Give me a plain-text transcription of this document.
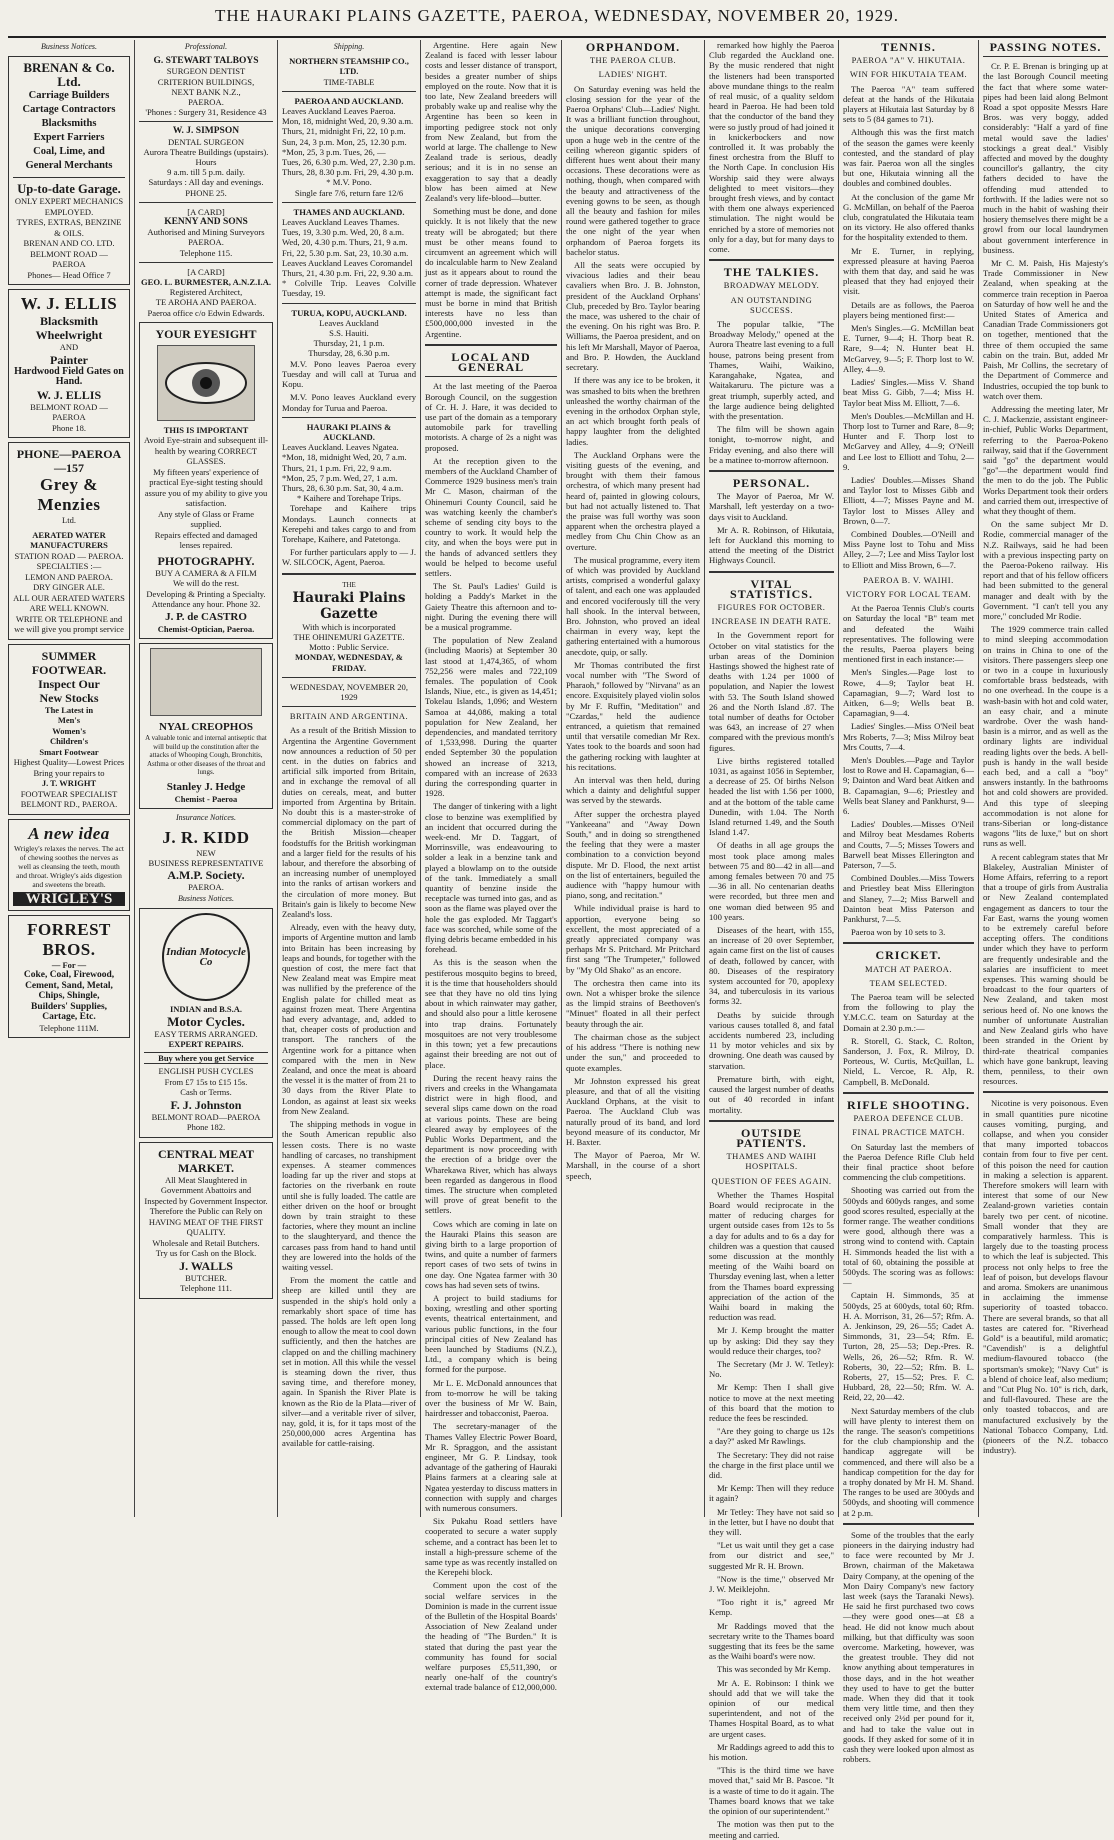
THE HAURAKI PLAINS GAZETTE, PAEROA, WEDNESDAY, NOVEMBER 20, 1929.
Business Notices.
BRENAN & Co. Ltd.
Carriage Builders
Cartage Contractors
Blacksmiths
Expert Farriers
Coal, Lime, and
General Merchants
Up-to-date Garage.
ONLY EXPERT MECHANICS EMPLOYED.
TYRES, EXTRAS, BENZINE & OILS.
BRENAN AND CO. LTD.
BELMONT ROAD — PAEROA
Phones— Head Office 7
W. J. ELLIS
Blacksmith
Wheelwright
AND
Painter
Hardwood Field Gates on Hand.
W. J. ELLIS
BELMONT ROAD — PAEROA
Phone 18.
PHONE—PAEROA —157
Grey & Menzies
Ltd.
AERATED WATER
MANUFACTURERS
STATION ROAD — PAEROA.
SPECIALTIES :—
LEMON AND PAEROA.
DRY GINGER ALE.
ALL OUR AERATED WATERS ARE WELL KNOWN.
WRITE OR TELEPHONE and we will give you prompt service
SUMMER FOOTWEAR.
Inspect Our
New Stocks
The Latest in
Men's
Women's
Children's
Smart Footwear
Highest Quality—Lowest Prices
Bring your repairs to
J. T. WRIGHT
FOOTWEAR SPECIALIST
BELMONT RD., PAEROA.
A new idea
Wrigley's relaxes the nerves. The act of chewing soothes the nerves as well as cleansing the teeth, mouth and throat. Wrigley's aids digestion and sweetens the breath.
WRIGLEY'S
FORREST BROS.
— For —
Coke, Coal, Firewood,
Cement, Sand, Metal,
Chips, Shingle,
Builders' Supplies,
Cartage, Etc.
Telephone 111M.
Professional.
G. STEWART TALBOYS
SURGEON DENTIST
CRITERION BUILDINGS,
NEXT BANK N.Z.,
PAEROA.
'Phones : Surgery 31, Residence 43
W. J. SIMPSON
DENTAL SURGEON
Aurora Theatre Buildings (upstairs).
Hours
9 a.m. till 5 p.m. daily.
Saturdays : All day and evenings.
PHONE 25.
[A CARD]
KENNY AND SONS
Authorised and Mining Surveyors
PAEROA.
Telephone 115.
[A CARD]
GEO. L. BURMESTER, A.N.Z.I.A.
Registered Architect,
TE AROHA AND PAEROA.
Paeroa office c/o Edwin Edwards.
YOUR EYESIGHT
THIS IS IMPORTANT
Avoid Eye-strain and subsequent ill-health by wearing CORRECT GLASSES.
My fifteen years' experience of practical Eye-sight testing should assure you of my ability to give you satisfaction.
Any style of Glass or Frame supplied.
Repairs effected and damaged lenses repaired.
PHOTOGRAPHY.
BUY A CAMERA & A FILM
We will do the rest.
Developing & Printing a Specialty.
Attendance any hour. Phone 32.
J. P. de CASTRO
Chemist-Optician, Paeroa.
NYAL CREOPHOS
A valuable tonic and internal antiseptic that will build up the constitution after the attacks of Whooping Cough, Bronchitis, Asthma or other diseases of the throat and lungs.
Stanley J. Hedge
Chemist - Paeroa
Insurance Notices.
J. R. KIDD
NEW
BUSINESS REPRESENTATIVE
A.M.P. Society.
PAEROA.
Business Notices.
Indian Motocycle Co
INDIAN and B.S.A.
Motor Cycles.
EASY TERMS ARRANGED.
EXPERT REPAIRS.
Buy where you get Service
ENGLISH PUSH CYCLES
From £7 15s to £15 15s.
Cash or Terms.
F. J. Johnston
BELMONT ROAD—PAEROA
Phone 182.
CENTRAL MEAT MARKET.
All Meat Slaughtered in Government Abattoirs and Inspected by Government Inspector.
Therefore the Public can Rely on HAVING MEAT OF THE FIRST QUALITY.
Wholesale and Retail Butchers.
Try us for Cash on the Block.
J. WALLS
BUTCHER.
Telephone 111.
Shipping.
NORTHERN STEAMSHIP CO., LTD.
TIME-TABLE
PAEROA AND AUCKLAND.
Leaves Auckland Leaves Paeroa.
Mon, 18, midnight Wed, 20, 9.30 a.m.
Thurs, 21, midnight Fri, 22, 10 p.m.
Sun, 24, 3 p.m. Mon, 25, 12.30 p.m.
*Mon, 25, 3 p.m. Tues, 26, —
Tues, 26, 6.30 p.m. Wed, 27, 2.30 p.m.
Thurs, 28, 8.30 p.m. Fri, 29, 4.30 p.m.
* M.V. Pono.
Single fare 7/6, return fare 12/6
THAMES AND AUCKLAND.
Leaves Auckland Leaves Thames.
Tues, 19, 3.30 p.m. Wed, 20, 8 a.m.
Wed, 20, 4.30 p.m. Thurs, 21, 9 a.m.
Fri, 22, 5.30 p.m. Sat, 23, 10.30 a.m.
Leaves Auckland Leaves Coromandel
Thurs, 21, 4.30 p.m. Fri, 22, 9.30 a.m.
* Colville Trip. Leaves Colville Tuesday, 19.
TURUA, KOPU, AUCKLAND.
Leaves Auckland
S.S. Hauiti.
Thursday, 21, 1 p.m.
Thursday, 28, 6.30 p.m.

M.V. Pono leaves Paeroa every Tuesday and will call at Turua and Kopu.

M.V. Pono leaves Auckland every Monday for Turua and Paeroa.

HAURAKI PLAINS & AUCKLAND.
Leaves Auckland. Leaves Ngatea.
*Mon, 18, midnight Wed, 20, 7 a.m.
Thurs, 21, 1 p.m. Fri, 22, 9 a.m.
*Mon, 25, 7 p.m. Wed, 27, 1 a.m.
Thurs, 28, 6.30 p.m. Sat, 30, 4 a.m.
* Kaihere and Torehape Trips.

Torehape and Kaihere trips Mondays. Launch connects at Kerepehi and takes cargo to and from Torehape, Kaihere, and Patetonga.

For further particulars apply to — J. W. SILCOCK, Agent, Paeroa.

THE
Hauraki Plains Gazette
With which is incorporated
THE OHINEMURI GAZETTE.
Motto : Public Service.
MONDAY, WEDNESDAY, & FRIDAY.
WEDNESDAY, NOVEMBER 20, 1929
BRITAIN AND ARGENTINA.

As a result of the British Mission to Argentina the Argentine Government now announces a reduction of 50 per cent. in the duties on fabrics and artificial silk imported from Britain, and in exchange the removal of all duties on cereals, meat, and butter imported from Argentina by Britain. No doubt this is a master-stroke of commercial diplomacy on the part of the British Mission—cheaper foodstuffs for the British workingman and a larger field for the results of his labour, and therefore the absorbing of an increasing number of unemployed into the ranks of artisan workers and the circulation of more money. But Britain's gain is likely to become New Zealand's loss.

Already, even with the heavy duty, imports of Argentine mutton and lamb into Britain has been increasing by leaps and bounds, for together with the question of cost, the mere fact that New Zealand meat was Empire meat was nullified by the preference of the English palate for chilled meat as against frozen meat. There Argentina had every advantage, and, added to that, cheaper costs of production and transport. The ranchers of the Argentine work for a pittance when compared with the men in New Zealand, and once the meat is aboard the vessel it is the matter of from 21 to 30 days from the River Plate to London, as against at least six weeks from New Zealand.

The shipping methods in vogue in the South American republic also lessen costs. There is no waste handling of carcases, no transhipment expenses. A steamer commences loading far up the river and stops at factories on the riverbank en route until she is fully loaded. The cattle are either driven on the hoof or brought down by train straight to these factories, where they mount an incline to the slaughteryard, and thence the carcases pass from hand to hand until they are lowered into the holds of the waiting vessel.

From the moment the cattle and sheep are killed until they are suspended in the ship's hold only a remarkably short space of time has passed. The holds are left open long enough to allow the meat to cool down sufficiently, and then the hatches are clapped on and the chilling machinery set in motion. All this while the vessel is steaming down the river, thus saving time, and therefore money, again. In Spanish the River Plate is known as the Rio de la Plata—river of silver—and a veritable river of silver, nay, gold, it is, for it taps most of the 250,000,000 acres Argentina has available for cattle-raising.

Argentine. Here again New Zealand is faced with lesser labour costs and lesser distance of transport, besides a greater number of ships employed on the route. Now that it is too late, New Zealand breeders will probably wake up and realise why the Argentine has been so keen in importing pedigree stock not only from New Zealand, but from the world at large. The challenge to New Zealand trade is serious, deadly serious; and it is in no sense an exaggeration to say that a deadly blow has been aimed at New Zealand's very life-blood—butter.

Something must be done, and done quickly. It is not likely that the new treaty will be abrogated; but there must be other means found to circumvent an agreement which will do incalculable harm to New Zealand just as it appears about to round the corner of trade depression. Whatever attempt is made, the significant fact must be borne in mind that British interests have no less than £500,000,000 invested in the Argentine.

LOCAL AND GENERAL

At the last meeting of the Paeroa Borough Council, on the suggestion of Cr. H. J. Hare, it was decided to use part of the domain as a temporary automobile park for travelling motorists. A charge of 2s a night was proposed.

At the reception given to the members of the Auckland Chamber of Commerce 1929 business men's train Mr C. Mason, chairman of the Ohinemuri County Council, said he was watching keenly the chamber's scheme of sending city boys to the country to work. It would help the city, and when the boys were put in the hands of advanced settlers they would be helped to become useful settlers.

The St. Paul's Ladies' Guild is holding a Paddy's Market in the Gaiety Theatre this afternoon and to-night. During the evening there will be a musical programme.

The population of New Zealand (including Maoris) at September 30 last stood at 1,474,365, of whom 752,256 were males and 722,109 females. The population of Cook Islands, Niue, etc., is given as 14,451; Tokelau Islands, 1,096; and Western Samoa at 44,086, making a total population for New Zealand, her dependencies, and mandated territory of 1,533,998. During the quarter ended September 30 the population showed an increase of 3213, compared with an increase of 2633 during the corresponding quarter in 1928.

The danger of tinkering with a light close to benzine was exemplified by an incident that occurred during the week-end. Mr D. Taggart, of Morrinsville, was endeavouring to solder a leak in a benzine tank and played a blowlamp on to the outside of the tank. Immediately a small quantity of benzine inside the receptacle was turned into gas, and as soon as the flame was played over the hole the gas exploded. Mr Taggart's face was scorched, while some of the flying debris became embedded in his forehead.

As this is the season when the pestiferous mosquito begins to breed, it is the time that householders should see that they have no old tins lying about in which rainwater may gather, and should also pour a little kerosene into trap drains. Fortunately mosquitoes are not very troublesome in this town; yet a few precautions against their breeding are not out of place.

During the recent heavy rains the rivers and creeks in the Whangamata district were in high flood, and several slips came down on the road at various points. These are being cleared away by employees of the Public Works Department, and the department is now proceeding with the erection of a bridge over the Wharekawa River, which has always been regarded as dangerous in flood times. The structure when completed will prove of great benefit to the settlers.

Cows which are coming in late on the Hauraki Plains this season are giving birth to a large proportion of twins, and quite a number of farmers report cases of two sets of twins in one day. One Ngatea farmer with 30 cows has had seven sets of twins.

A project to build stadiums for boxing, wrestling and other sporting events, theatrical entertainment, and various public functions, in the four principal cities of New Zealand has been launched by Stadiums (N.Z.), Ltd., a company which is being formed for the purpose.

Mr L. E. McDonald announces that from to-morrow he will be taking over the business of Mr W. Bain, hairdresser and tobacconist, Paeroa.

The secretary-manager of the Thames Valley Electric Power Board, Mr R. Spraggon, and the assistant engineer, Mr G. P. Lindsay, took advantage of the gathering of Hauraki Plains farmers at a clearing sale at Ngatea yesterday to discuss matters in connection with supply and charges with numerous consumers.

Six Pukahu Road settlers have cooperated to secure a water supply scheme, and a contract has been let to install a high-pressure scheme of the same type as was recently installed on the Kerepehi block.

Comment upon the cost of the social welfare services in the Dominion is made in the current issue of the Bulletin of the Hospital Boards' Association of New Zealand under the heading of "The Burden." It is stated that during the past year the community has found for social welfare purposes £5,511,390, or nearly one-half of the country's external trade balance of £12,000,000.

ORPHANDOM.
THE PAEROA CLUB.
LADIES' NIGHT.

On Saturday evening was held the closing session for the year of the Paeroa Orphans' Club—Ladies' Night. It was a brilliant function throughout, the unique decorations converging upon a huge web in the centre of the ceiling whereon gigantic spiders of different hues went about their many occasions. These decorations were as nothing, though, when compared with the beauty and attractiveness of the evening gowns to be seen, as though all the beauty and fashion for miles round were gathered together to grace the one night of the year when orphandom of Paeroa forgets its bachelor status.

All the seats were occupied by vivacious ladies and their beau cavaliers when Bro. J. B. Johnston, president of the Auckland Orphans' Club, preceded by Bro. Taylor bearing the mace, was ushered to the chair of the evening. On his right was Bro. P. Williams, the Paeroa president, and on his left Mr Marshall, Mayor of Paeroa, and Bro. P. Howden, the Auckland secretary.

If there was any ice to be broken, it was smashed to bits when the brethren unleashed the worthy chairman of the evening in the orthodox Orphan style, an act which brought forth peals of happy laughter from the delighted ladies.

The Auckland Orphans were the visiting guests of the evening, and brought with them their famous orchestra, of which many present had heard of, painted in glowing colours, but had not actually listened to. That the praise was full worthy was soon apparent when the orchestra played a medley from Chu Chin Chow as an overture.

The musical programme, every item of which was provided by Auckland artists, comprised a wonderful galaxy of talent, and each one was applauded and encored vociferously till the very hall shook. In the interval between, Bro. Johnston, who proved an ideal chairman in every way, kept the gathering entertained with a humorous anecdote, quip, or sally.

Mr Thomas contributed the first vocal number with "The Sword of Pharaoh," followed by "Nirvana" as an encore. Exquisitely played violin solos by Mr F. Ruffin, "Meditation" and "Czardas," held the audience entranced, a quietism that remained until that versatile comedian Mr Rex. Yates took to the boards and soon had the gathering rocking with laughter at his recitations.

An interval was then held, during which a dainty and delightful supper was served by the stewards.

After supper the orchestra played "Yankeeana" and "Away Down South," and in doing so strengthened the feeling that they were a master combination to a conviction beyond dispute. Mr D. Flood, the next artist on the list of entertainers, beguiled the audience with "happy humour with piano, song, and recitation."

While individual praise is hard to apportion, everyone being so excellent, the most appreciated of a greatly appreciated company was perhaps Mr S. Pritchard. Mr Pritchard first sang "The Trumpeter," followed by "My Old Shako" as an encore.

The orchestra then came into its own. Not a whisper broke the silence as the limpid strains of Beethoven's "Minuet" floated in all their perfect beauty through the air.

The chairman chose as the subject of his address "There is nothing new under the sun," and proceeded to quote examples.

Mr Johnston expressed his great pleasure, and that of all the visiting Auckland Orphans, at the visit to Paeroa. The Auckland Club was naturally proud of its band, and lord beyond measure of its conductor, Mr H. Baxter.

The Mayor of Paeroa, Mr W. Marshall, in the course of a short speech,

remarked how highly the Paeroa Club regarded the Auckland one. By the music rendered that night the listeners had been transported above mundane things to the realm of real music, of a quality seldom heard in Paeroa. He had been told that the conductor of the band they were so justly proud of had joined it in knickerbockers and now controlled it. It was probably the finest orchestra from the Bluff to the North Cape. In conclusion His Worship said they were always delighted to meet visitors—they brought fresh views, and by contact with them one always experienced stimulation. The night would be enriched by a store of memories not only for a day, but for many days to come.

THE TALKIES.
BROADWAY MELODY.
AN OUTSTANDING SUCCESS.

The popular talkie, "The Broadway Melody," opened at the Aurora Theatre last evening to a full house, patrons being present from Thames, Waihi, Waikino, Karangahake, Ngatea, and Waitakaruru. The picture was a great triumph, superbly acted, and the large audience being delighted with the presentation.

The film will be shown again tonight, to-morrow night, and Friday evening, and also there will be a matinee to-morrow afternoon.

PERSONAL.

The Mayor of Paeroa, Mr W. Marshall, left yesterday on a two-days visit to Auckland.

Mr A. R. Robinson, of Hikutaia, left for Auckland this morning to attend the meeting of the District Highways Council.

VITAL STATISTICS.
FIGURES FOR OCTOBER.
INCREASE IN DEATH RATE.

In the Government report for October on vital statistics for the urban areas of the Dominion Hastings showed the highest rate of deaths with 1.24 per 1000 of population, and Napier the lowest with 53. The South Island showed 26 and the North Island .87. The total number of deaths for October was 643, an increase of 27 when compared with the previous month's figures.

Live births registered totalled 1031, as against 1056 in September, a decrease of 25. Of births Nelson headed the list with 1.56 per 1000, and at the bottom of the table came Dunedin, with 1.04. The North Island returned 1.49, and the South Island 1.47.

Of deaths in all age groups the most took place among males between 75 and 80—42 in all—and among females between 70 and 75—36 in all. No centenarian deaths were recorded, but three men and one woman died between 95 and 100 years.

Diseases of the heart, with 155, an increase of 20 over September, again came first on the list of causes of death, followed by cancer, with 80. Diseases of the respiratory system accounted for 70, apoplexy 34, and tuberculosis in its various forms 32.

Deaths by suicide through various causes totalled 8, and fatal accidents numbered 23, including 11 by motor vehicles and six by drowning. One death was caused by starvation.

Premature birth, with eight, caused the largest number of deaths out of 40 recorded in infant mortality.

OUTSIDE PATIENTS.
THAMES AND WAIHI HOSPITALS.
QUESTION OF FEES AGAIN.

Whether the Thames Hospital Board would reciprocate in the matter of reducing charges for urgent outside cases from 12s to 5s a day for adults and to 6s a day for children was a question that caused some discussion at the monthly meeting of the Waihi board on Thursday evening last, when a letter from the Thames board expressing appreciation of the action of the Waihi board in making the reduction was read.

Mr J. Kemp brought the matter up by asking: Did they say they would reduce their charges, too?

The Secretary (Mr J. W. Tetley): No.

Mr Kemp: Then I shall give notice to move at the next meeting of this board that the motion to reduce the fees be rescinded.

"Are they going to charge us 12s a day?" asked Mr Rawlings.

The Secretary: They did not raise the charge in the first place until we did.

Mr Kemp: Then will they reduce it again?

Mr Tetley: They have not said so in the letter, but I have no doubt that they will.

"Let us wait until they get a case from our district and see," suggested Mr R. H. Brown.

"Now is the time," observed Mr J. W. Meiklejohn.

"Too right it is," agreed Mr Kemp.

Mr Raddings moved that the secretary write to the Thames board suggesting that its fees be the same as the Waihi board's were now.

This was seconded by Mr Kemp.

Mr A. E. Robinson: I think we should add that we will take the opinion of our medical superintendent, and not of the Thames Hospital Board, as to what are urgent cases.

Mr Raddings agreed to add this to his motion.

"This is the third time we have moved that," said Mr B. Pascoe. "It is a waste of time to do it again. The Thames board knows that we take the opinion of our superintendent."

The motion was then put to the meeting and carried.

TENNIS.
PAEROA "A" V. HIKUTAIA.
WIN FOR HIKUTAIA TEAM.

The Paeroa "A" team suffered defeat at the hands of the Hikutaia players at Hikutaia last Saturday by 8 sets to 5 (84 games to 71).

Although this was the first match of the season the games were keenly contested, and the standard of play was fair. Paeroa won all the singles but one, Hikutaia winning all the doubles and combined doubles.

At the conclusion of the game Mr G. McMillan, on behalf of the Paeroa club, congratulated the Hikutaia team on its victory. He also offered thanks for the hospitality extended to them.

Mr E. Turner, in replying, expressed pleasure at having Paeroa with them that day, and said he was pleased that they had enjoyed their visit.

Details are as follows, the Paeroa players being mentioned first:—

Men's Singles.—G. McMillan beat E. Turner, 9—4; H. Thorp beat R. Rare, 9—4; N. Hunter beat H. McGarvey, 9—5; F. Thorp lost to W. Alley, 4—9.

Ladies' Singles.—Miss V. Shand beat Miss G. Gibb, 7—4; Miss H. Taylor beat Miss M. Elliott, 7—6.

Men's Doubles.—McMillan and H. Thorp lost to Turner and Rare, 8—9; Hunter and F. Thorp lost to McGarvey and Alley, 4—9; O'Neill and Lee lost to Elliott and Tohu, 2—9.

Ladies' Doubles.—Misses Shand and Taylor lost to Misses Gibb and Elliott, 4—7; Misses Payne and M. Taylor lost to Misses Alley and Brown, 0—7.

Combined Doubles.—O'Neill and Miss Payne lost to Tohu and Miss Alley, 2—7; Lee and Miss Taylor lost to Elliott and Miss Brown, 6—7.

PAEROA B. V. WAIHI.
VICTORY FOR LOCAL TEAM.

At the Paeroa Tennis Club's courts on Saturday the local "B" team met and defeated the Waihi representatives. The following were the results, Paeroa players being mentioned first in each instance:—

Men's Singles.—Page lost to Rowe, 4—9; Taylor beat H. Capamagian, 9—7; Ward lost to Aitken, 6—9; Wells beat B. Capamagian, 9—4.

Ladies' Singles.—Miss O'Neil beat Mrs Roberts, 7—3; Miss Milroy beat Mrs Coutts, 7—4.

Men's Doubles.—Page and Taylor lost to Rowe and H. Capamagian, 6—9; Dainton and Ward beat Aitken and B. Capamagian, 9—6; Priestley and Wells beat Slaney and Pankhurst, 9—6.

Ladies' Doubles.—Misses O'Neil and Milroy beat Mesdames Roberts and Coutts, 7—5; Misses Towers and Barwell beat Misses Ellerington and Paterson, 7—5.

Combined Doubles.—Miss Towers and Priestley beat Miss Ellerington and Slaney, 7—2; Miss Barwell and Dainton beat Miss Paterson and Pankhurst, 7—5.

Paeroa won by 10 sets to 3.

CRICKET.
MATCH AT PAEROA.
TEAM SELECTED.

The Paeroa team will be selected from the following to play the Y.M.C.C. team on Saturday at the Domain at 2.30 p.m.:—

R. Storell, G. Stack, C. Rolton, Sanderson, J. Fox, R. Milroy, D. Porteous, W. Curtis, McQuillan, L. Nield, L. Vercoe, R. Alp, R. Campbell, B. McDonald.

RIFLE SHOOTING.
PAEROA DEFENCE CLUB.
FINAL PRACTICE MATCH.

On Saturday last the members of the Paeroa Defence Rifle Club held their final practice shoot before commencing the club competitions.

Shooting was carried out from the 500yds and 600yds ranges, and some good scores resulted, especially at the former range. The weather conditions were good, although there was a strong wind to contend with. Captain H. Simmonds headed the list with a total of 60, obtaining the possible at 500yds. The scoring was as follows:—

Captain H. Simmonds, 35 at 500yds, 25 at 600yds, total 60; Rfm. H. A. Morrison, 31, 26—57; Rfm. A. A. Jenkinson, 29, 26—55; Cadet A. Simmonds, 31, 23—54; Rfm. E. Turton, 28, 25—53; Dep.-Pres. R. Wells, 26, 26—52; Rfm. R. W. Roberts, 30, 22—52; Rfm. B. L. Roberts, 27, 15—52; Pres. F. C. Hubbard, 28, 22—50; Rfm. W. A. Reid, 22, 20—42.

Next Saturday members of the club will have plenty to interest them on the range. The season's competitions for the club championship and the handicap aggregate will be commenced, and there will also be a handicap competition for the day for a trophy donated by Mr H. M. Shand. The ranges to be used are 300yds and 500yds, and shooting will commence at 2 p.m.

Some of the troubles that the early pioneers in the dairying industry had to face were recounted by Mr J. Brown, chairman of the Maketawa Dairy Company, at the opening of the Mon Dairy Company's new factory last week (says the Taranaki News). He said he first purchased two cows—they were good ones—at £8 a head. He did not know much about milking, but that difficulty was soon overcome. Marketing, however, was the greatest trouble. They did not know anything about temperatures in those days, and in the hot weather they used to have to get the butter made. When they did that it took them very little time, and then they received only 2½d per pound for it, and had to take the value out in goods. If they asked for some of it in cash they were looked upon almost as robbers.

PASSING NOTES.

Cr. P. E. Brenan is bringing up at the last Borough Council meeting the fact that where some water-pipes had been laid along Belmont Road a spot opposite Messrs Hare Bros. was very boggy, added considerably: "Half a yard of fine metal would save the ladies' stockings a great deal." Visibly affected and moved by the doughty councillor's gallantry, the city fathers decided to have the offending mud attended to forthwith. If the ladies were not so much in the habit of washing their hosiery themselves there might be a growl from our local laundrymen about government interference in business.

Mr C. M. Paish, His Majesty's Trade Commissioner in New Zealand, when speaking at the commerce train reception in Paeroa on Saturday of how well he and the United States of America and Canadian Trade Commissioners got on together, mentioned that the three of them occupied the same cabin on the train. But, added Mr Paish, Mr Collins, the secretary of the Department of Commerce and Industries, occupied the top bunk to watch over them.

Addressing the meeting later, Mr C. J. Mackenzie, assistant engineer-in-chief, Public Works Department, referring to the Paeroa-Pokeno railway, said that if the Government said "go" the department would "go"—the department would find the men to do the job. The Public Works Department took their orders and carried them out, irrespective of what they thought of them.

On the same subject Mr D. Rodie, commercial manager of the N.Z. Railways, said he had been with a previous inspecting party on the Paeroa-Pokeno railway. His report and that of his fellow officers had been submitted to the general manager and dealt with by the Government. "I can't tell you any more," concluded Mr Rodie.

The 1929 commerce train called to mind sleeping accommodation on trains in China to one of the visitors. There passengers sleep one or two in a coupe in luxuriously comfortable brass bedsteads, with no one overhead. In the coupe is a wash-basin with hot and cold water, an easy chair, and a minute wardrobe. Over the wash hand-basin is a mirror, and as well as the ordinary lights are individual reading lights over the beds. A bell-push is handy in the wall beside each bed, and a call a "boy" answers instantly. In the bathrooms hot and cold showers are provided. And this type of sleeping accommodation is not alone for trans-Siberian or long-distance wagons "lits de luxe," but on short runs as well.

A recent cablegram states that Mr Blakeley, Australian Minister of Home Affairs, referring to a report that a troupe of girls from Australia or New Zealand contemplated engagement as dancers to tour the Far East, warns the young women to be extremely careful before accepting offers. The conditions under which they have to perform are frequently undesirable and the salaries are insufficient to meet expenses. This warning should be broadcast to the four quarters of New Zealand, and taken most serious heed of. No one knows the number of unfortunate Australian and New Zealand girls who have been stranded in the Orient by third-rate theatrical companies which have gone bankrupt, leaving them, penniless, to their own resources.

Nicotine is very poisonous. Even in small quantities pure nicotine causes vomiting, purging, and collapse, and when you consider that many imported tobaccos contain from four to five per cent. of this poison the need for caution in making a selection is apparent. Therefore smokers will learn with interest that some of our New Zealand-grown varieties contain barely two per cent. of nicotine. Small wonder that they are comparatively harmless. This is largely due to the toasting process to which the leaf is subjected. This process not only helps to free the leaf of poison, but develops flavour and aroma. Smokers are unanimous in acclaiming the immense superiority of toasted tobacco. There are several brands, so that all tastes are catered for. "Riverhead Gold" is a beautiful, mild aromatic; "Cavendish" is a delightful medium-flavoured tobacco (the sportsman's smoke); "Navy Cut" is a blend of choice leaf, also medium; and "Cut Plug No. 10" is rich, dark, and full-flavoured. These are the only toasted tobaccos, and are manufactured exclusively by the National Tobacco Company, Ltd. (pioneers of the N.Z. tobacco industry).
